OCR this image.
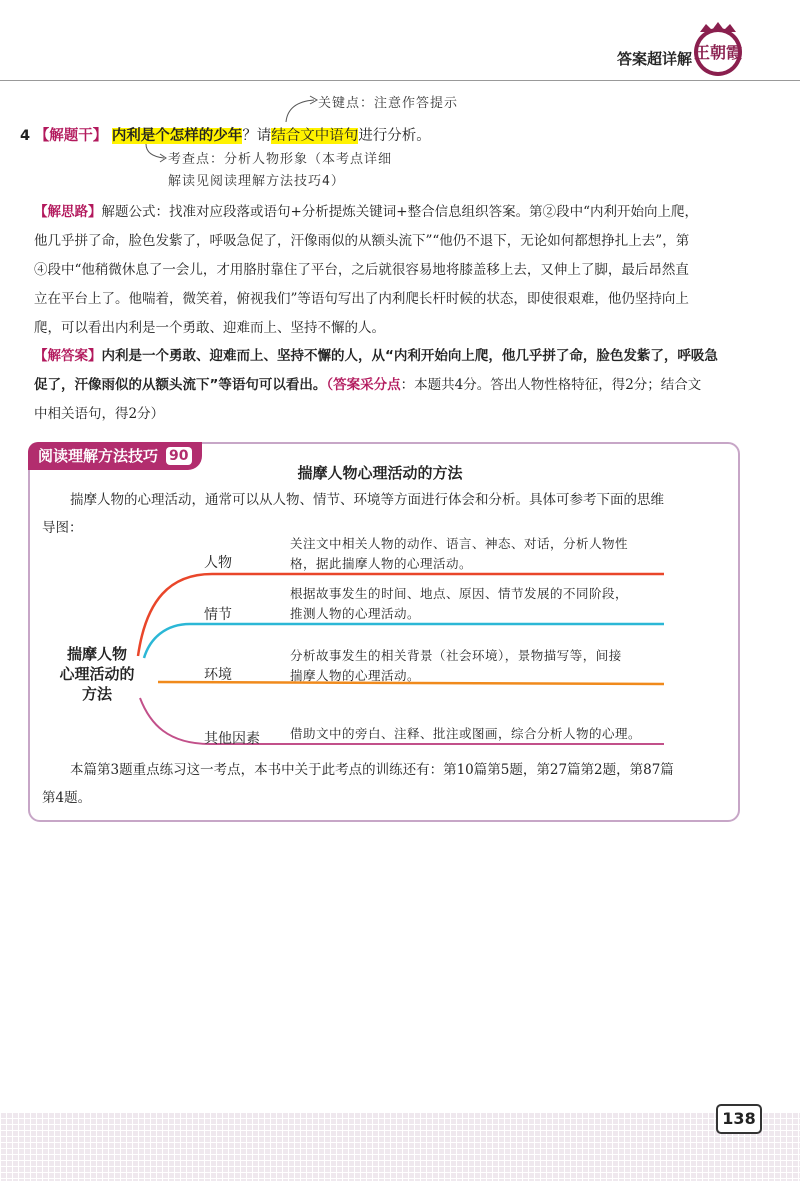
答案超详解 王朝霞
关键点：注意作答提示
4 【解题干】 内利是个怎样的少年？请结合文中语句进行分析。
考查点：分析人物形象（本考点详细
解读见阅读理解方法技巧4）
【解思路】解题公式：找准对应段落或语句+分析提炼关键词+整合信息组织答案。第②段中“内利开始向上爬，
他几乎拼了命，脸色发紫了，呼吸急促了，汗像雨似的从额头流下”“他仍不退下，无论如何都想挣扎上去”，第
④段中“他稍微休息了一会儿，才用胳肘靠住了平台，之后就很容易地将膝盖移上去，又伸上了脚，最后昂然直
立在平台上了。他喘着，微笑着，俯视我们”等语句写出了内利爬长杆时候的状态，即使很艰难，他仍坚持向上
爬，可以看出内利是一个勇敢、迎难而上、坚持不懈的人。
【解答案】内利是一个勇敢、迎难而上、坚持不懈的人，从“内利开始向上爬，他几乎拼了命，脸色发紫了，呼吸急
促了，汗像雨似的从额头流下”等语句可以看出。（答案采分点：本题共4分。答出人物性格特征，得2分；结合文
中相关语句，得2分）
阅读理解方法技巧 90
揣摩人物心理活动的方法
揣摩人物的心理活动，通常可以从人物、情节、环境等方面进行体会和分析。具体可参考下面的思维
导图：
揣摩人物
心理活动的
方法
人物
关注文中相关人物的动作、语言、神态、对话，分析人物性
格，据此揣摩人物的心理活动。
情节
根据故事发生的时间、地点、原因、情节发展的不同阶段，
推测人物的心理活动。
环境
分析故事发生的相关背景（社会环境），景物描写等，间接
揣摩人物的心理活动。
其他因素 借助文中的旁白、注释、批注或图画，综合分析人物的心理。
本篇第3题重点练习这一考点，本书中关于此考点的训练还有：第10篇第5题，第27篇第2题，第87篇
第4题。
138
